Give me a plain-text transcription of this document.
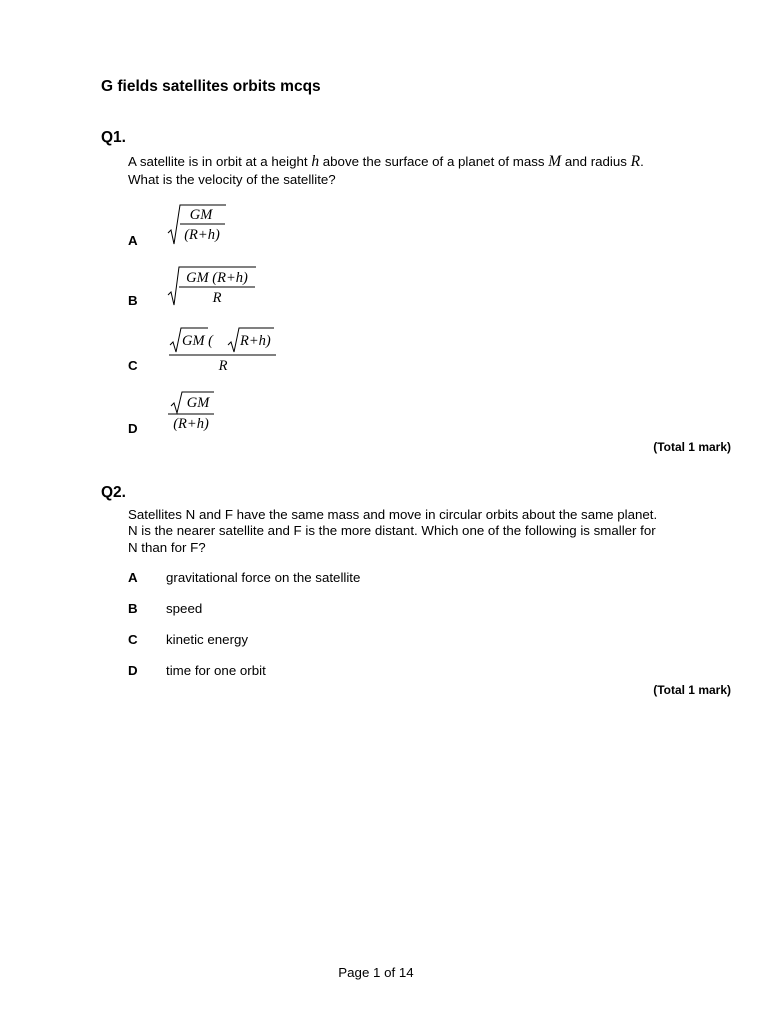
G fields satellites orbits mcqs
Q1.
A satellite is in orbit at a height h above the surface of a planet of mass M and radius R.
What is the velocity of the satellite?
A
GM
(R+h)
B
GM (R+h)
R
C
GM ( R+h)
R
D
GM
(R+h)
(Total 1 mark)
Q2.
Satellites N and F have the same mass and move in circular orbits about the same planet.
N is the nearer satellite and F is the more distant. Which one of the following is smaller for
N than for F?
A gravitational force on the satellite
B speed
C kinetic energy
D time for one orbit
(Total 1 mark)
Page 1 of 14
